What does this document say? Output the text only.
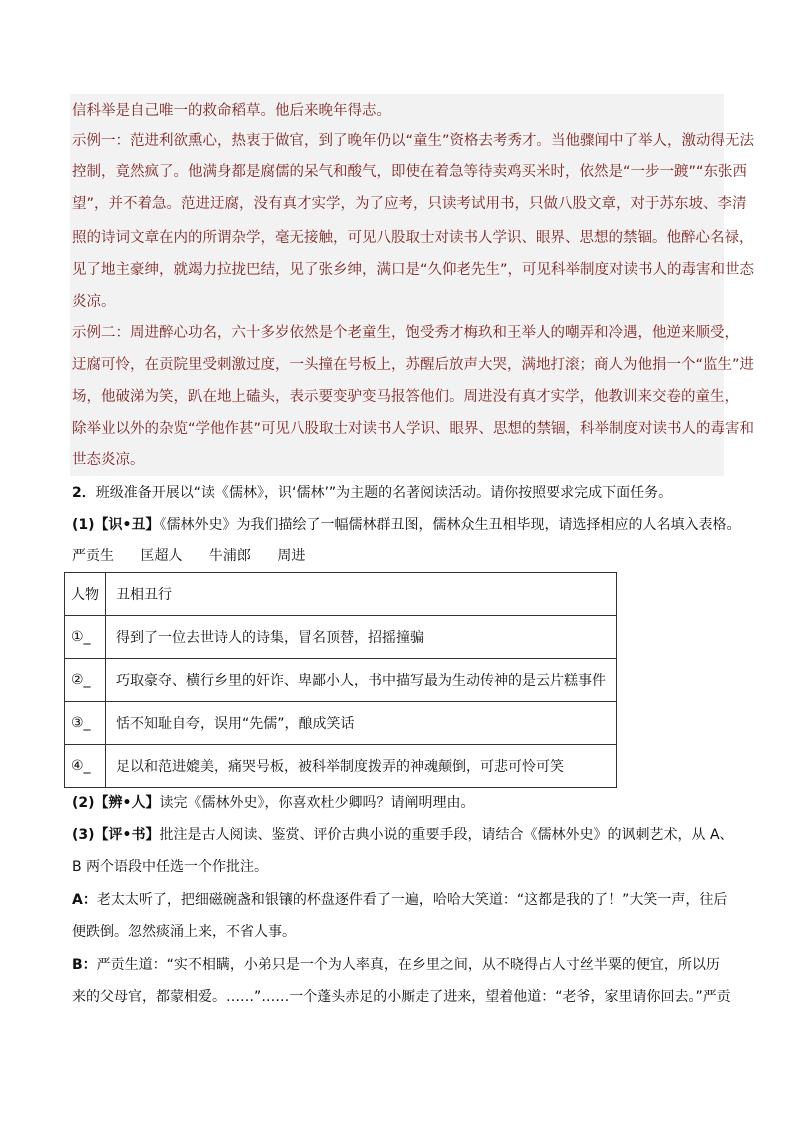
信科举是自己唯一的救命稻草。他后来晚年得志。
示例一：范进利欲熏心，热衷于做官，到了晚年仍以“童生”资格去考秀才。当他骤闻中了举人，激动得无法
控制，竟然疯了。他满身都是腐儒的呆气和酸气，即使在着急等待卖鸡买米时，依然是“一步一踱”“东张西
望”，并不着急。范进迂腐，没有真才实学，为了应考，只读考试用书，只做八股文章，对于苏东坡、李清
照的诗词文章在内的所谓杂学，毫无接触，可见八股取士对读书人学识、眼界、思想的禁锢。他醉心名禄，
见了地主豪绅，就竭力拉拢巴结，见了张乡绅，满口是“久仰老先生”，可见科举制度对读书人的毒害和世态
炎凉。
示例二：周进醉心功名，六十多岁依然是个老童生，饱受秀才梅玖和王举人的嘲弄和冷遇，他逆来顺受，
迂腐可怜，在贡院里受刺激过度，一头撞在号板上，苏醒后放声大哭，满地打滚；商人为他捐一个“监生”进
场，他破涕为笑，趴在地上磕头，表示要变驴变马报答他们。周进没有真才实学，他教训来交卷的童生，
除举业以外的杂览“学他作甚”可见八股取士对读书人学识、眼界、思想的禁锢，科举制度对读书人的毒害和
世态炎凉。
2．班级准备开展以“读《儒林》，识‘儒林’”为主题的名著阅读活动。请你按照要求完成下面任务。
(1)【识•丑】《儒林外史》为我们描绘了一幅儒林群丑图，儒林众生丑相毕现，请选择相应的人名填入表格。
严贡生 匡超人 牛浦郎 周进
人物	丑相丑行
①_	得到了一位去世诗人的诗集，冒名顶替，招摇撞骗
②_	巧取豪夺、横行乡里的奸诈、卑鄙小人，书中描写最为生动传神的是云片糕事件
③_	恬不知耻自夸，误用“先儒”，酿成笑话
④_	足以和范进媲美，痛哭号板，被科举制度拨弄的神魂颠倒，可悲可怜可笑
(2)【辨•人】读完《儒林外史》，你喜欢杜少卿吗？请阐明理由。
(3)【评•书】批注是古人阅读、鉴赏、评价古典小说的重要手段，请结合《儒林外史》的讽刺艺术，从 A、
B 两个语段中任选一个作批注。
A：老太太听了，把细磁碗盏和银镶的杯盘逐件看了一遍，哈哈大笑道：“这都是我的了！”大笑一声，往后
便跌倒。忽然痰涌上来，不省人事。
B：严贡生道：“实不相瞒，小弟只是一个为人率真，在乡里之间，从不晓得占人寸丝半粟的便宜，所以历
来的父母官，都蒙相爱。……”……一个蓬头赤足的小厮走了进来，望着他道：“老爷，家里请你回去。”严贡
